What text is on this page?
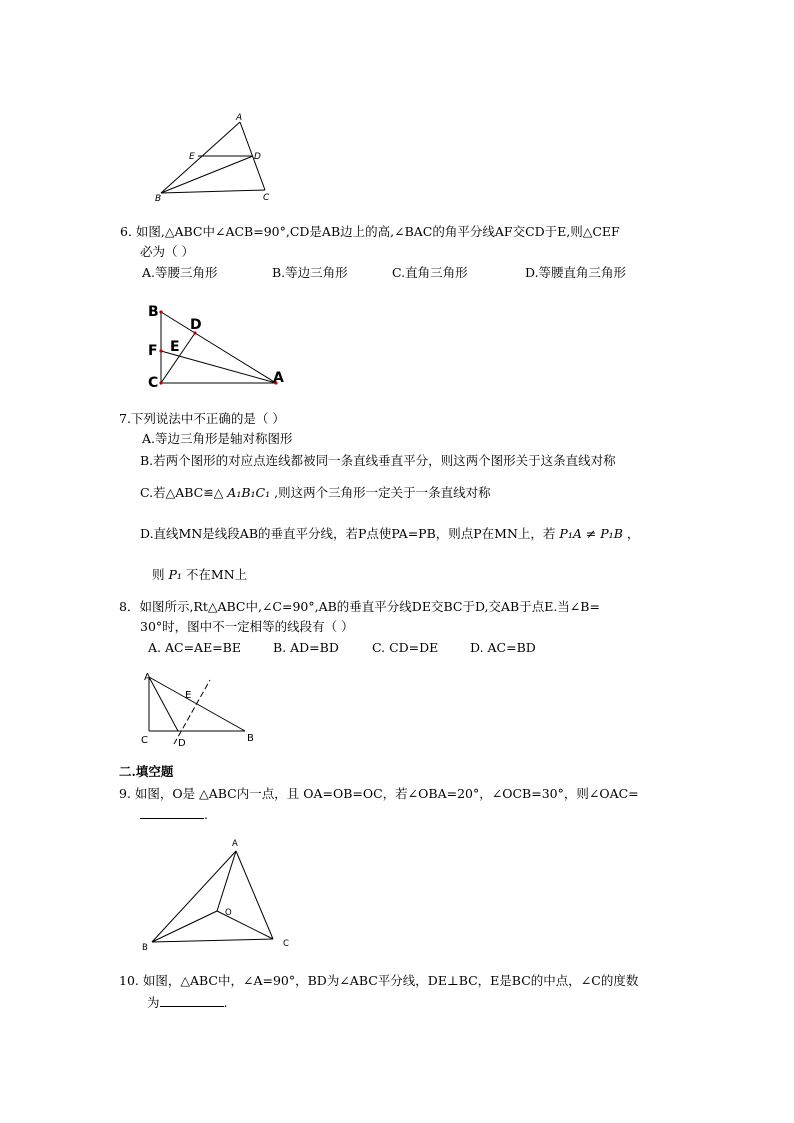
A
E	D
B	C
6. 如图,△ABC中∠ACB=90°,CD是AB边上的高,∠BAC的角平分线AF交CD于E,则△CEF
必为（ ）
A.等腰三角形	B.等边三角形	C.直角三角形	D.等腰直角三角形
B
D
F E
C	A
7.下列说法中不正确的是（ ）
A.等边三角形是轴对称图形
B.若两个图形的对应点连线都被同一条直线垂直平分，则这两个图形关于这条直线对称
C.若△ABC≌△ A₁B₁C₁ ,则这两个三角形一定关于一条直线对称
D.直线MN是线段AB的垂直平分线，若P点使PA=PB，则点P在MN上，若 P₁A ≠ P₁B ，
则 P₁ 不在MN上
8．如图所示,Rt△ABC中,∠C=90°,AB的垂直平分线DE交BC于D,交AB于点E.当∠B=
30°时，图中不一定相等的线段有（ ）
A. AC=AE=BE	B. AD=BD	C. CD=DE	D. AC=BD
A
E
C	D	B
二.填空题
9. 如图，O是 △ABC内一点，且 OA=OB=OC，若∠OBA=20°，∠OCB=30°，则∠OAC=
.
A
O
B	C
10. 如图，△ABC中，∠A=90°，BD为∠ABC平分线，DE⊥BC，E是BC的中点，∠C的度数
为	.
